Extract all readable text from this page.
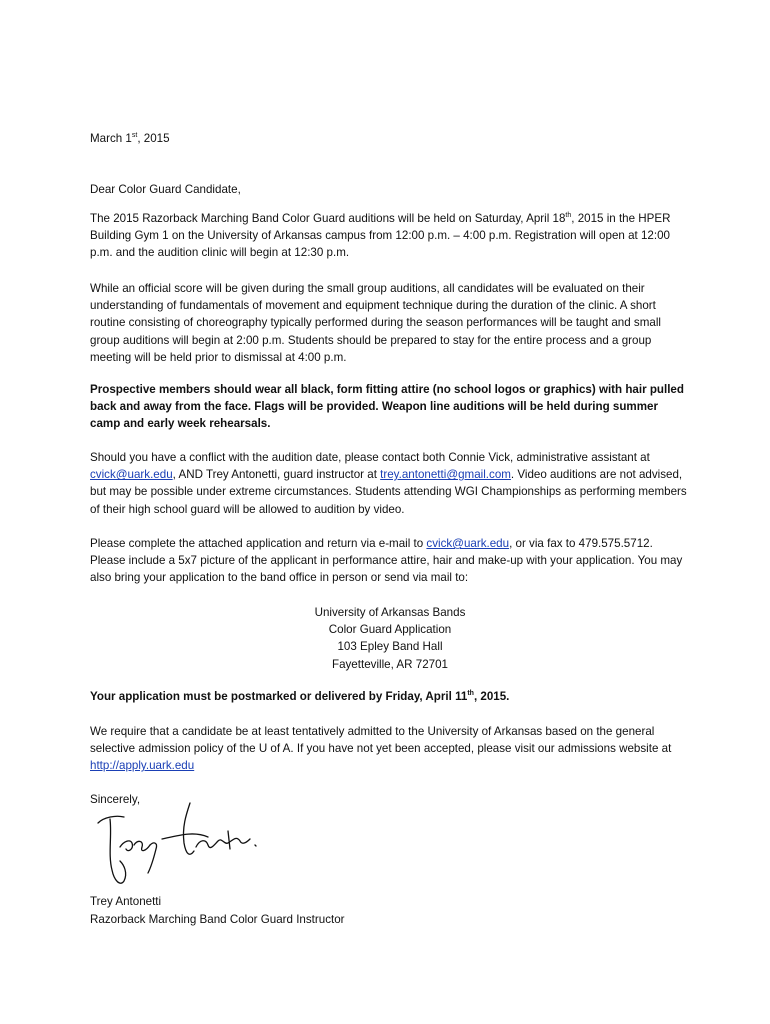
March 1st, 2015

Dear Color Guard Candidate,

The 2015 Razorback Marching Band Color Guard auditions will be held on Saturday, April 18th, 2015 in the HPER Building Gym 1 on the University of Arkansas campus from 12:00 p.m. – 4:00 p.m. Registration will open at 12:00 p.m. and the audition clinic will begin at 12:30 p.m.

While an official score will be given during the small group auditions, all candidates will be evaluated on their understanding of fundamentals of movement and equipment technique during the duration of the clinic. A short routine consisting of choreography typically performed during the season performances will be taught and small group auditions will begin at 2:00 p.m. Students should be prepared to stay for the entire process and a group meeting will be held prior to dismissal at 4:00 p.m.

Prospective members should wear all black, form fitting attire (no school logos or graphics) with hair pulled back and away from the face. Flags will be provided. Weapon line auditions will be held during summer camp and early week rehearsals.

Should you have a conflict with the audition date, please contact both Connie Vick, administrative assistant at cvick@uark.edu, AND Trey Antonetti, guard instructor at trey.antonetti@gmail.com. Video auditions are not advised, but may be possible under extreme circumstances. Students attending WGI Championships as performing members of their high school guard will be allowed to audition by video.

Please complete the attached application and return via e-mail to cvick@uark.edu, or via fax to 479.575.5712. Please include a 5x7 picture of the applicant in performance attire, hair and make-up with your application. You may also bring your application to the band office in person or send via mail to:

University of Arkansas Bands
Color Guard Application
103 Epley Band Hall
Fayetteville, AR 72701

Your application must be postmarked or delivered by Friday, April 11th, 2015.

We require that a candidate be at least tentatively admitted to the University of Arkansas based on the general selective admission policy of the U of A. If you have not yet been accepted, please visit our admissions website at http://apply.uark.edu

Sincerely,

Trey Antonetti

Razorback Marching Band Color Guard Instructor
